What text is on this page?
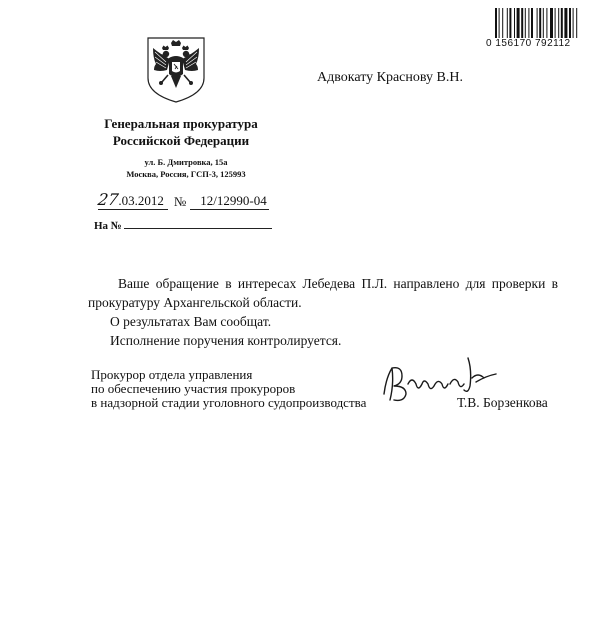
0 156170 792112
Адвокату Краснову В.Н.
Генеральная прокуратура
Российской Федерации
ул. Б. Дмитровка, 15а
Москва, Россия, ГСП-3, 125993
27.03.2012 № 12/12990-04
На №

Ваше обращение в интересах Лебедева П.Л. направлено для проверки в прокуратуру Архангельской области.

О результатах Вам сообщат.

Исполнение поручения контролируется.

Прокурор отдела управления
по обеспечению участия прокуроров
в надзорной стадии уголовного судопроизводства	Т.В. Борзенкова
